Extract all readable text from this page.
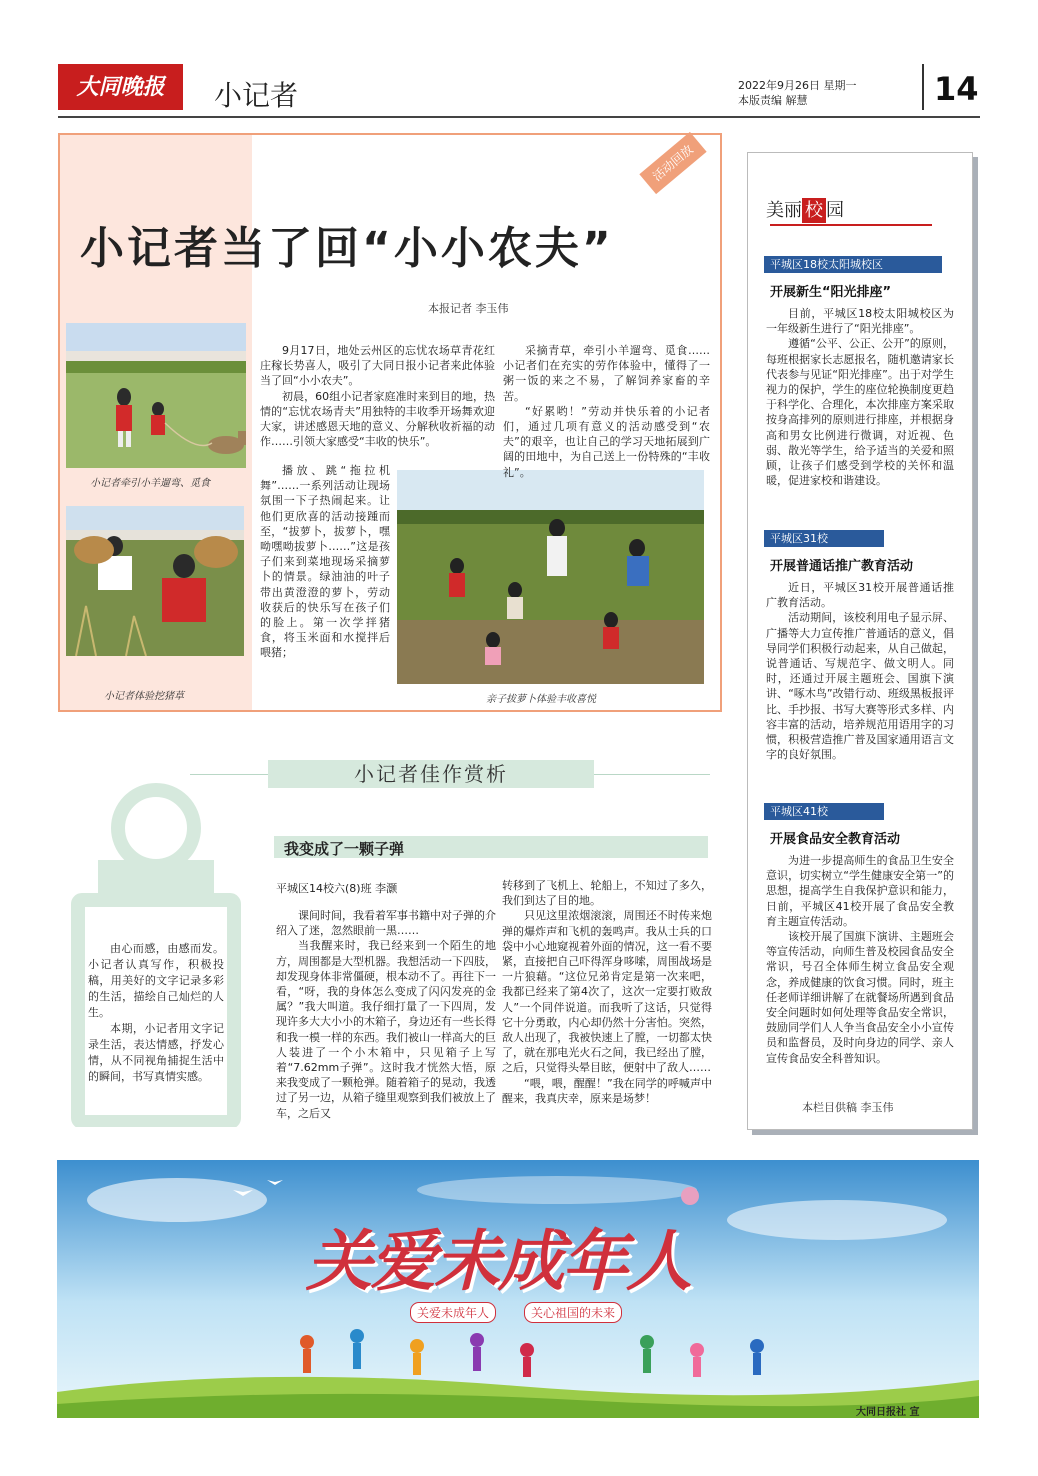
大同晚报	小记者	2022年9月26日 星期一
本版责编 解慧	14
活动回放
小记者当了回“小小农夫”
本报记者 李玉伟
小记者牵引小羊遛弯、觅食
小记者体验挖猪草	亲子拔萝卜体验丰收喜悦

9月17日，地处云州区的忘忧农场草青花红庄稼长势喜人，吸引了大同日报小记者来此体验当了回“小小农夫”。

初晨，60组小记者家庭准时来到目的地，热情的“忘忧农场青夫”用独特的丰收季开场舞欢迎大家，讲述感恩天地的意义、分解秋收祈福的动作……引领大家感受“丰收的快乐”。

播放、跳“拖拉机舞”……一系列活动让现场氛围一下子热闹起来。让他们更欣喜的活动接踵而至，“拔萝卜，拔萝卜，嘿呦嘿呦拔萝卜……”这是孩子们来到菜地现场采摘萝卜的情景。绿油油的叶子带出黄澄澄的萝卜，劳动收获后的快乐写在孩子们的脸上。第一次学拌猪食，将玉米面和水搅拌后喂猪；

采摘青草，牵引小羊遛弯、觅食……小记者们在充实的劳作体验中，懂得了一粥一饭的来之不易，了解饲养家畜的辛苦。

“好累哟！”劳动并快乐着的小记者们，通过几项有意义的活动感受到“农夫”的艰辛，也让自己的学习天地拓展到广阔的田地中，为自己送上一份特殊的“丰收礼”。

小记者佳作赏析

由心而感，由感而发。小记者认真写作，积极投稿，用美好的文字记录多彩的生活，描绘自己灿烂的人生。

本期，小记者用文字记录生活，表达情感，抒发心情，从不同视角捕捉生活中的瞬间，书写真情实感。

我变成了一颗子弹
平城区14校六(8)班 李灏

课间时间，我看着军事书籍中对子弹的介绍入了迷，忽然眼前一黑……

当我醒来时，我已经来到一个陌生的地方，周围都是大型机器。我想活动一下四肢，却发现身体非常僵硬，根本动不了。再往下一看，“呀，我的身体怎么变成了闪闪发亮的金属？”我大叫道。我仔细打量了一下四周，发现许多大大小小的木箱子，身边还有一些长得和我一模一样的东西。我们被山一样高大的巨人装进了一个小木箱中，只见箱子上写着“7.62mm子弹”。这时我才恍然大悟，原来我变成了一颗枪弹。随着箱子的晃动，我透过了另一边，从箱子缝里观察到我们被放上了车，之后又

转移到了飞机上、轮船上，不知过了多久，我们到达了目的地。

只见这里浓烟滚滚，周围还不时传来炮弹的爆炸声和飞机的轰鸣声。我从士兵的口袋中小心地窥视着外面的情况，这一看不要紧，直接把自己吓得浑身哆嗦，周围战场是一片狼藉。“这位兄弟肯定是第一次来吧，我都已经来了第4次了，这次一定要打败敌人”一个同伴说道。而我听了这话，只觉得它十分勇敢，内心却仍然十分害怕。突然，敌人出现了，我被快速上了膛，一切都太快了，就在那电光火石之间，我已经出了膛，之后，只觉得头晕目眩，便射中了敌人……

“喂，喂，醒醒！”我在同学的呼喊声中醒来，我真庆幸，原来是场梦！

美丽 校 园
平城区18校太阳城校区
开展新生“阳光排座”

目前，平城区18校太阳城校区为一年级新生进行了“阳光排座”。

遵循“公平、公正、公开”的原则，每班根据家长志愿报名，随机邀请家长代表参与见证“阳光排座”。出于对学生视力的保护，学生的座位轮换制度更趋于科学化、合理化，本次排座方案采取按身高排列的原则进行排座，并根据身高和男女比例进行微调，对近视、色弱、散光等学生，给予适当的关爱和照顾，让孩子们感受到学校的关怀和温暖，促进家校和谐建设。

平城区31校
开展普通话推广教育活动

近日，平城区31校开展普通话推广教育活动。

活动期间，该校利用电子显示屏、广播等大力宣传推广普通话的意义，倡导同学们积极行动起来，从自己做起，说普通话、写规范字、做文明人。同时，还通过开展主题班会、国旗下演讲、“啄木鸟”改错行动、班级黑板报评比、手抄报、书写大赛等形式多样、内容丰富的活动，培养规范用语用字的习惯，积极营造推广普及国家通用语言文字的良好氛围。

平城区41校
开展食品安全教育活动

为进一步提高师生的食品卫生安全意识，切实树立“学生健康安全第一”的思想，提高学生自我保护意识和能力，日前，平城区41校开展了食品安全教育主题宣传活动。

该校开展了国旗下演讲、主题班会等宣传活动，向师生普及校园食品安全常识，号召全体师生树立食品安全观念，养成健康的饮食习惯。同时，班主任老师详细讲解了在就餐场所遇到食品安全问题时如何处理等食品安全常识，鼓励同学们人人争当食品安全小小宣传员和监督员，及时向身边的同学、亲人宣传食品安全科普知识。

本栏目供稿 李玉伟
关爱未成年人
关爱未成年人	关心祖国的未来
大同日报社 宣
